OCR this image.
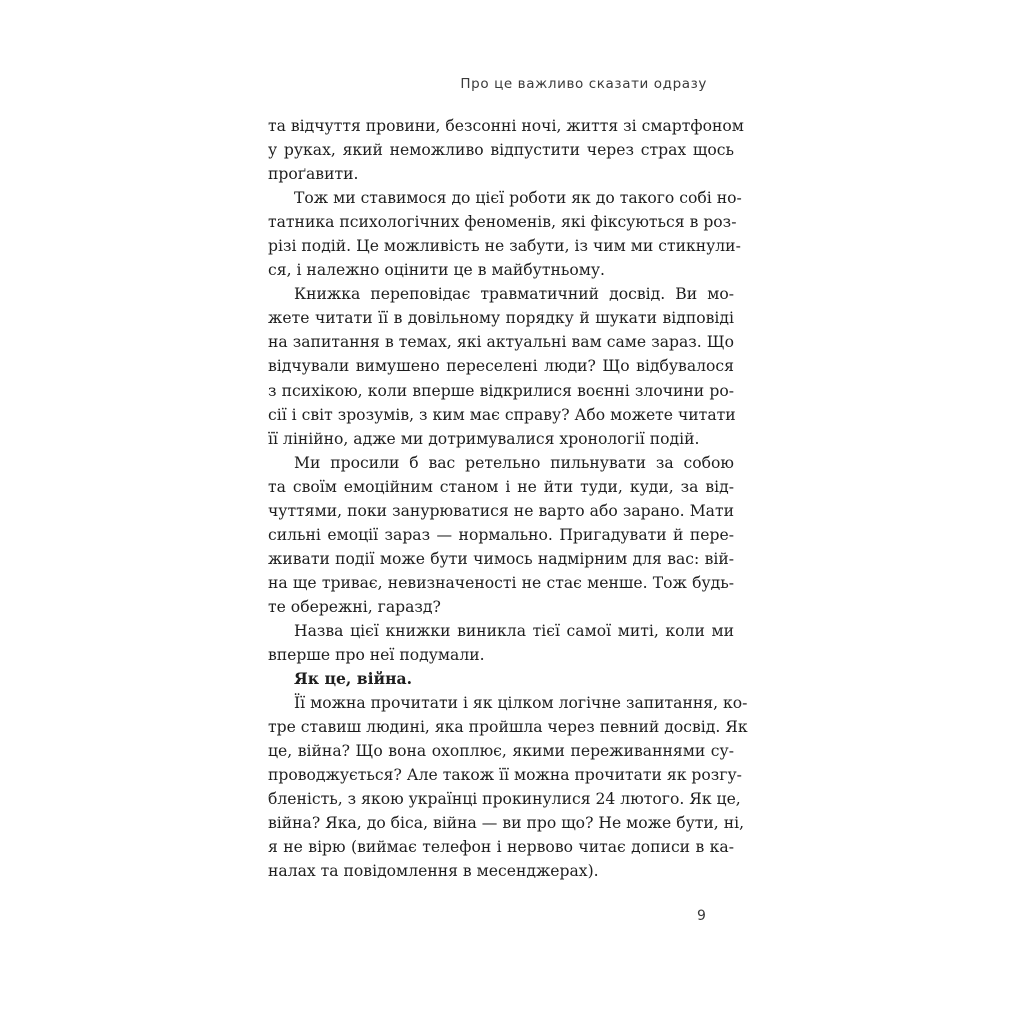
Про це важливо сказати одразу
та відчуття провини, безсонні ночі, життя зі смартфоном
у руках, який неможливо відпустити через страх щось
проґавити.
Тож ми ставимося до цієї роботи як до такого собі но-
татника психологічних феноменів, які фіксуються в роз-
різі подій. Це можливість не забути, із чим ми стикнули-
ся, і належно оцінити це в майбутньому.
Книжка переповідає травматичний досвід. Ви мо-
жете читати її в довільному порядку й шукати відповіді
на запитання в темах, які актуальні вам саме зараз. Що
відчували вимушено переселені люди? Що відбувалося
з психікою, коли вперше відкрилися воєнні злочини ро-
сії і світ зрозумів, з ким має справу? Або можете читати
її лінійно, адже ми дотримувалися хронології подій.
Ми просили б вас ретельно пильнувати за собою
та своїм емоційним станом і не йти туди, куди, за від-
чуттями, поки занурюватися не варто або зарано. Мати
сильні емоції зараз — нормально. Пригадувати й пере-
живати події може бути чимось надмірним для вас: вій-
на ще триває, невизначеності не стає менше. Тож будь-
те обережні, гаразд?
Назва цієї книжки виникла тієї самої миті, коли ми
вперше про неї подумали.
Як це, війна.
Її можна прочитати і як цілком логічне запитання, ко-
тре ставиш людині, яка пройшла через певний досвід. Як
це, війна? Що вона охоплює, якими переживаннями су-
проводжується? Але також її можна прочитати як розгу-
бленість, з якою українці прокинулися 24 лютого. Як це,
війна? Яка, до біса, війна — ви про що? Не може бути, ні,
я не вірю (виймає телефон і нервово читає дописи в ка-
налах та повідомлення в месенджерах).
9
